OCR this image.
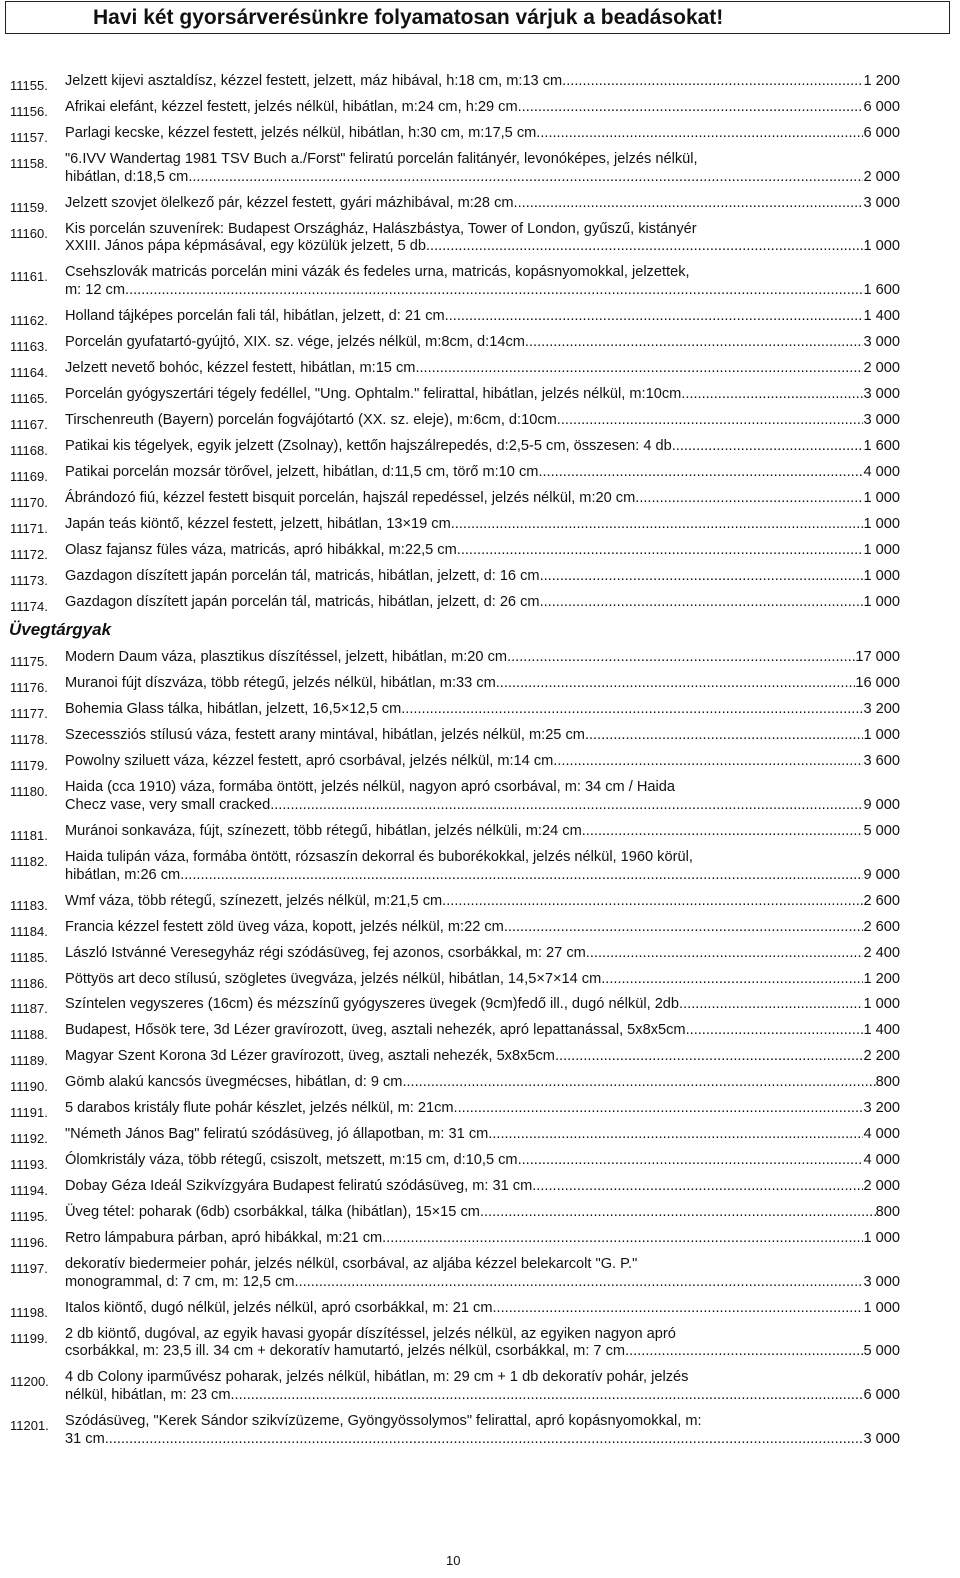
Havi két gyorsárverésünkre folyamatosan várjuk a beadásokat!
11155. Jelzett kijevi asztaldísz, kézzel festett, jelzett, máz hibával, h:18 cm, m:13 cm. .....	1 200
11156. Afrikai elefánt, kézzel festett, jelzés nélkül, hibátlan, m:24 cm, h:29 cm .....	6 000
11157. Parlagi kecske, kézzel festett, jelzés nélkül, hibátlan, h:30 cm, m:17,5 cm .....	6 000
11158. "6.IVV Wandertag 1981 TSV Buch a./Forst" feliratú porcelán falitányér, levonóképes, jelzés nélkül,
hibátlan, d:18,5 cm .....	2 000
11159. Jelzett szovjet ölelkező pár, kézzel festett, gyári mázhibával, m:28 cm .....	3 000
11160. Kis porcelán szuvenírek: Budapest Országház, Halászbástya, Tower of London, gyűszű, kistányér
XXIII. János pápa képmásával, egy közülük jelzett, 5 db .....	1 000
11161. Csehszlovák matricás porcelán mini vázák és fedeles urna, matricás, kopásnyomokkal, jelzettek,
m: 12 cm .....	1 600
11162. Holland tájképes porcelán fali tál, hibátlan, jelzett, d: 21 cm .....	1 400
11163. Porcelán gyufatartó-gyújtó, XIX. sz. vége, jelzés nélkül, m:8cm, d:14cm .....	3 000
11164. Jelzett nevető bohóc, kézzel festett, hibátlan, m:15 cm .....	2 000
11165. Porcelán gyógyszertári tégely fedéllel, "Ung. Ophtalm." felirattal, hibátlan, jelzés nélkül, m:10cm .....	3 000
11167. Tirschenreuth (Bayern) porcelán fogvájótartó (XX. sz. eleje), m:6cm, d:10cm .....	3 000
11168. Patikai kis tégelyek, egyik jelzett (Zsolnay), kettőn hajszálrepedés, d:2,5-5 cm, összesen: 4 db .....	1 600
11169. Patikai porcelán mozsár törővel, jelzett, hibátlan, d:11,5 cm, törő m:10 cm .....	4 000
11170. Ábrándozó fiú, kézzel festett bisquit porcelán, hajszál repedéssel, jelzés nélkül, m:20 cm .....	1 000
11171. Japán teás kiöntő, kézzel festett, jelzett, hibátlan, 13×19 cm .....	1 000
11172. Olasz fajansz füles váza, matricás, apró hibákkal, m:22,5 cm .....	1 000
11173. Gazdagon díszített japán porcelán tál, matricás, hibátlan, jelzett, d: 16 cm .....	1 000
11174. Gazdagon díszített japán porcelán tál, matricás, hibátlan, jelzett, d: 26 cm .....	1 000
Üvegtárgyak
11175. Modern Daum váza, plasztikus díszítéssel, jelzett, hibátlan, m:20 cm .....	17 000
11176. Muranoi fújt díszváza, több rétegű, jelzés nélkül, hibátlan, m:33 cm .....	16 000
11177. Bohemia Glass tálka, hibátlan, jelzett, 16,5×12,5 cm .....	3 200
11178. Szecessziós stílusú váza, festett arany mintával, hibátlan, jelzés nélkül, m:25 cm .....	1 000
11179. Powolny sziluett váza, kézzel festett, apró csorbával, jelzés nélkül, m:14 cm .....	3 600
11180. Haida (cca 1910) váza, formába öntött, jelzés nélkül, nagyon apró csorbával, m: 34 cm / Haida
Checz vase, very small cracked .....	9 000
11181. Muránoi sonkaváza, fújt, színezett, több rétegű, hibátlan, jelzés nélküli, m:24 cm .....	5 000
11182. Haida tulipán váza, formába öntött, rózsaszín dekorral és buborékokkal, jelzés nélkül, 1960 körül,
hibátlan, m:26 cm .....	9 000
11183. Wmf váza, több rétegű, színezett, jelzés nélkül, m:21,5 cm .....	2 600
11184. Francia kézzel festett zöld üveg váza, kopott, jelzés nélkül, m:22 cm .....	2 600
11185. László Istvánné Veresegyház régi szódásüveg, fej azonos, csorbákkal, m: 27 cm .....	2 400
11186. Pöttyös art deco stílusú, szögletes üvegváza, jelzés nélkül, hibátlan, 14,5×7×14 cm .....	1 200
11187. Színtelen vegyszeres (16cm) és mézszínű gyógyszeres üvegek (9cm)fedő ill., dugó nélkül, 2db .....	1 000
11188. Budapest, Hősök tere, 3d Lézer gravírozott, üveg, asztali nehezék, apró lepattanással, 5x8x5cm .....	1 400
11189. Magyar Szent Korona 3d Lézer gravírozott, üveg, asztali nehezék, 5x8x5cm .....	2 200
11190. Gömb alakú kancsós üvegmécses, hibátlan, d: 9 cm .....	800
11191. 5 darabos kristály flute pohár készlet, jelzés nélkül, m: 21cm .....	3 200
11192. "Németh János Bag" feliratú szódásüveg, jó állapotban, m: 31 cm .....	4 000
11193. Ólomkristály váza, több rétegű, csiszolt, metszett, m:15 cm, d:10,5 cm .....	4 000
11194. Dobay Géza Ideál Szikvízgyára Budapest feliratú szódásüveg, m: 31 cm .....	2 000
11195. Üveg tétel: poharak (6db) csorbákkal, tálka (hibátlan), 15×15 cm .....	800
11196. Retro lámpabura párban, apró hibákkal, m:21 cm .....	1 000
11197. dekoratív biedermeier pohár, jelzés nélkül, csorbával, az aljába kézzel belekarcolt "G. P."
monogrammal, d: 7 cm, m: 12,5 cm .....	3 000
11198. Italos kiöntő, dugó nélkül, jelzés nélkül, apró csorbákkal, m: 21 cm .....	1 000
11199. 2 db kiöntő, dugóval, az egyik havasi gyopár díszítéssel, jelzés nélkül, az egyiken nagyon apró
csorbákkal, m: 23,5 ill. 34 cm + dekoratív hamutartó, jelzés nélkül, csorbákkal, m: 7 cm .....	5 000
11200. 4 db Colony iparművész poharak, jelzés nélkül, hibátlan, m: 29 cm + 1 db dekoratív pohár, jelzés
nélkül, hibátlan, m: 23 cm .....	6 000
11201. Szódásüveg, "Kerek Sándor szikvízüzeme, Gyöngyössolymos" felirattal, apró kopásnyomokkal, m:
31 cm .....	3 000
10
